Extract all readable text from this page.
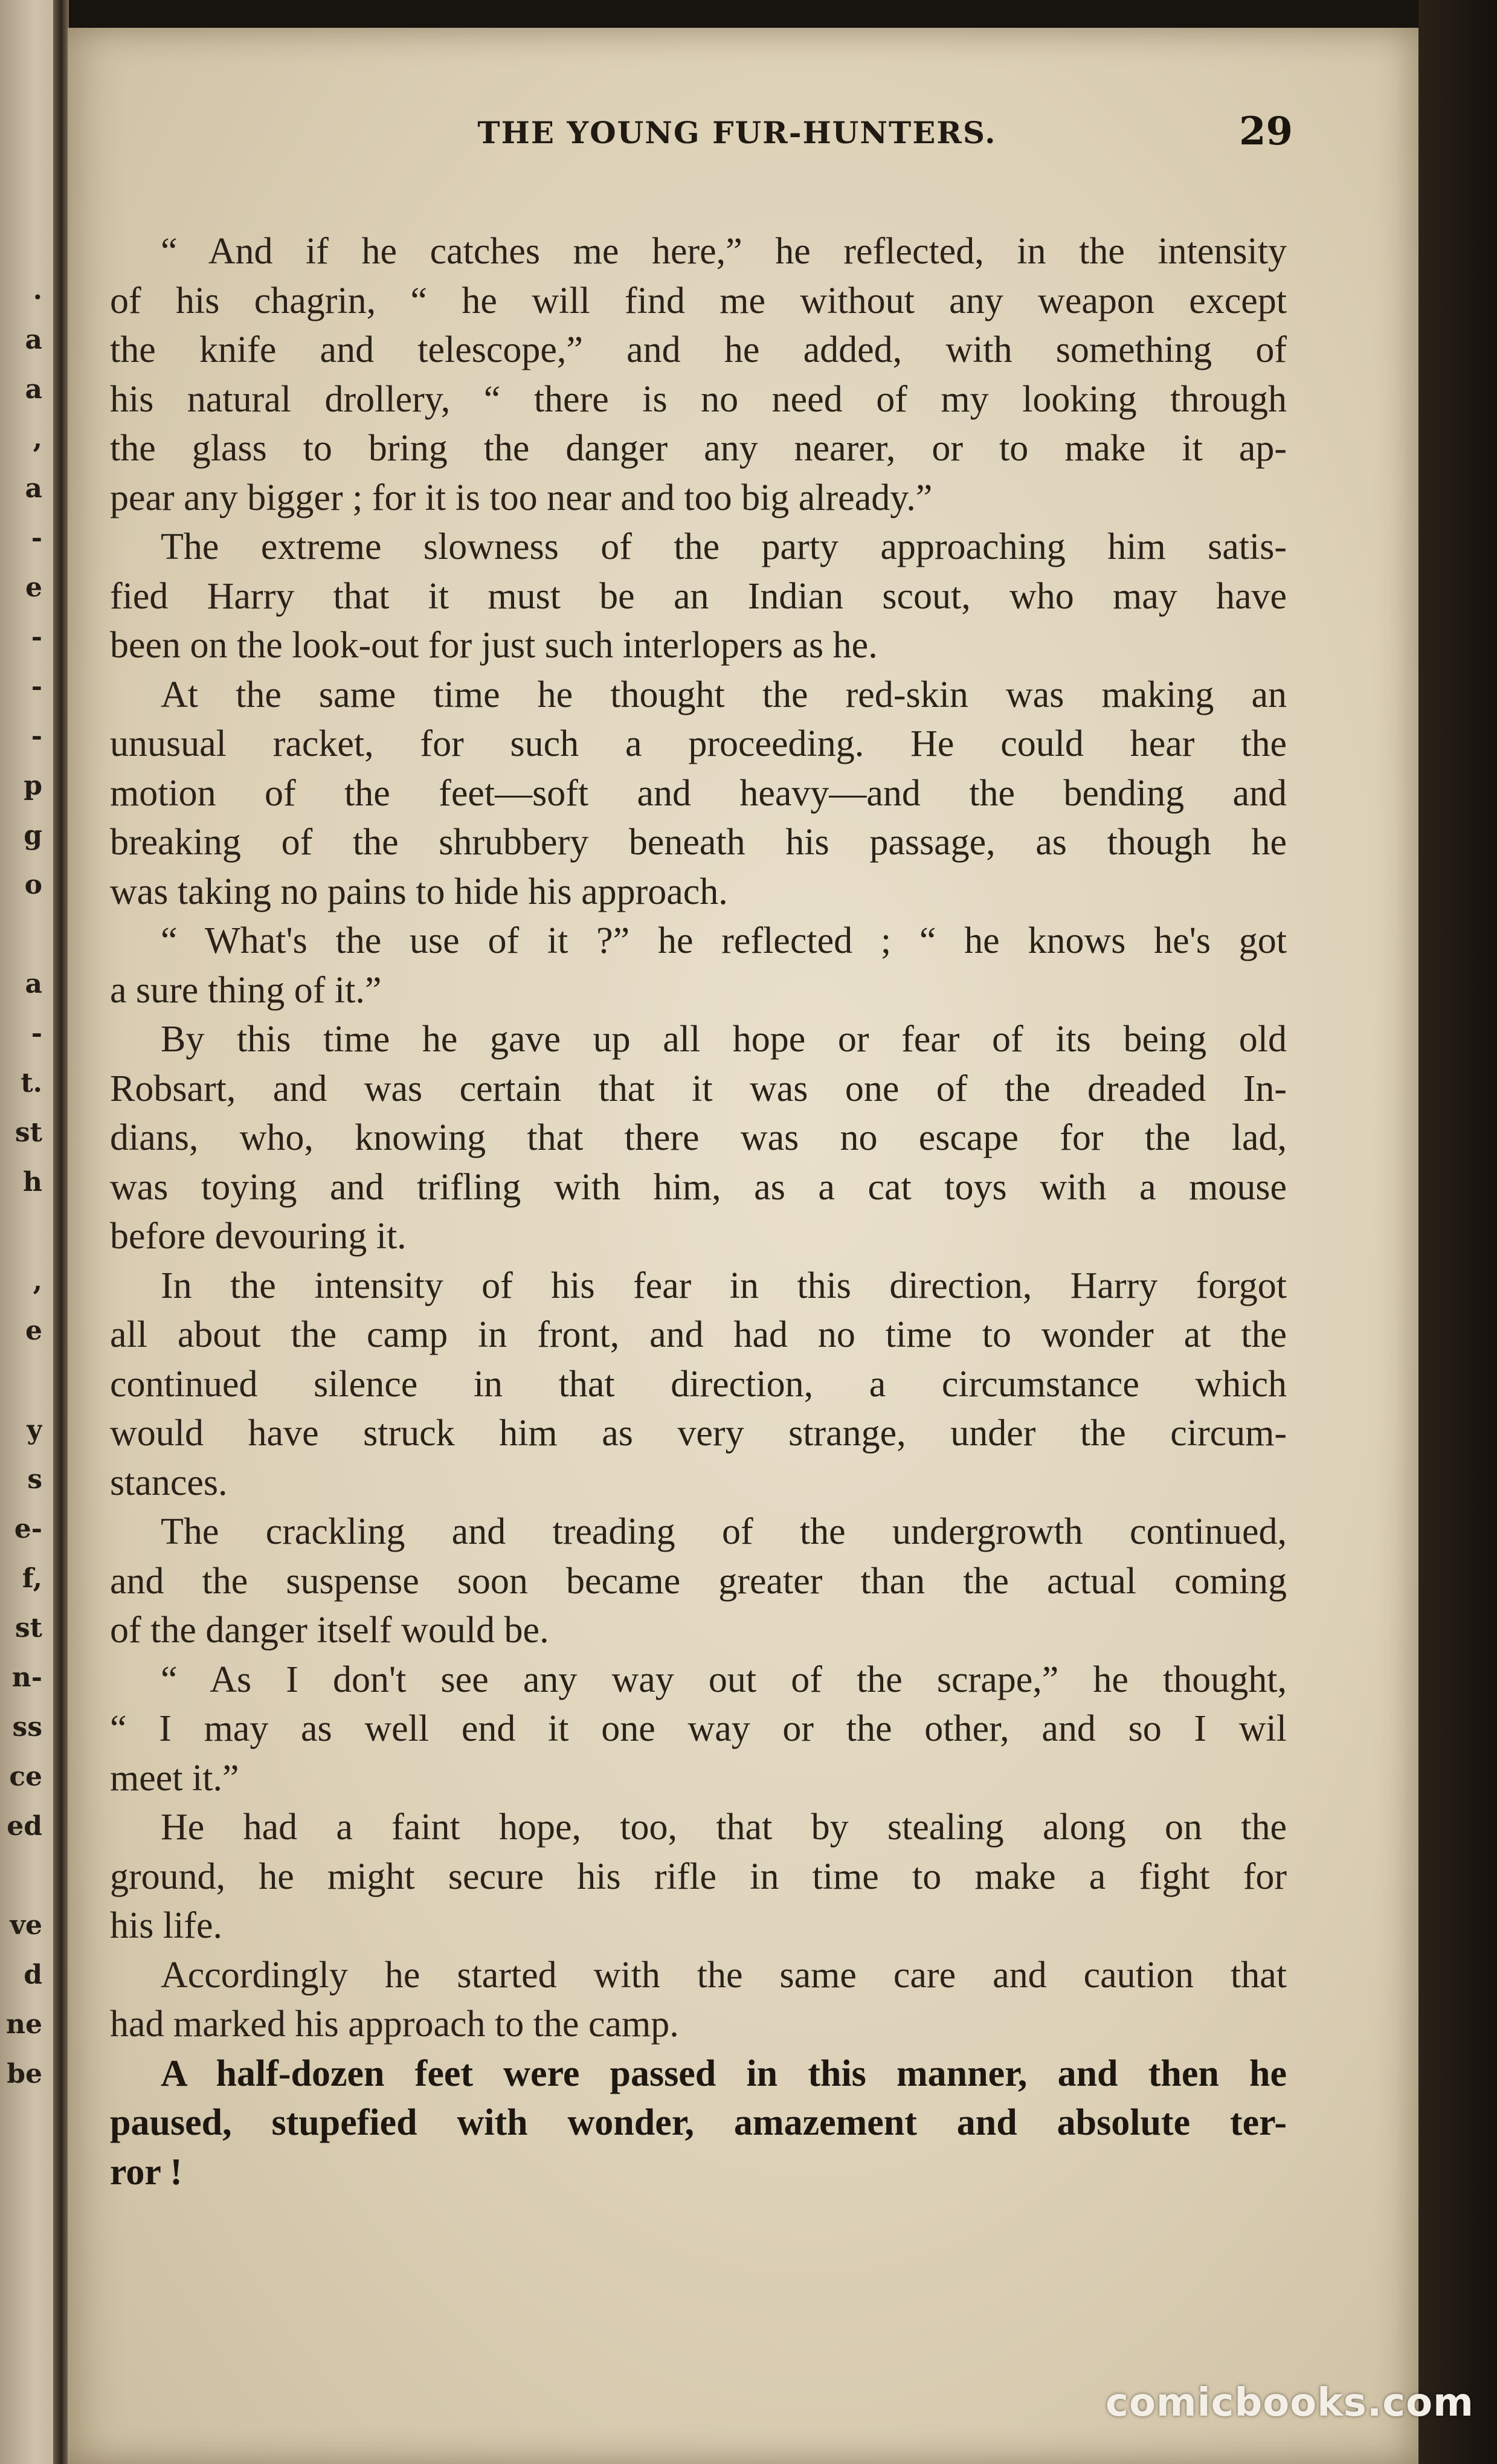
.
a
a
,
a
-
e
-
-
-
p
g
o
a
-
t.
st
h
,
e
y
s
e-
f,
st
n-
ss
ce
ed
ve
d
ne
be
THE YOUNG FUR-HUNTERS.	29
“ And if he catches me here,” he reflected, in the intensity
of his chagrin, “ he will find me without any weapon except
the knife and telescope,” and he added, with something of
his natural drollery, “ there is no need of my looking through
the glass to bring the danger any nearer, or to make it ap-
pear any bigger ; for it is too near and too big already.”
The extreme slowness of the party approaching him satis-
fied Harry that it must be an Indian scout, who may have
been on the look-out for just such interlopers as he.
At the same time he thought the red-skin was making an
unusual racket, for such a proceeding. He could hear the
motion of the feet—soft and heavy—and the bending and
breaking of the shrubbery beneath his passage, as though he
was taking no pains to hide his approach.
“ What's the use of it ?” he reflected ; “ he knows he's got
a sure thing of it.”
By this time he gave up all hope or fear of its being old
Robsart, and was certain that it was one of the dreaded In-
dians, who, knowing that there was no escape for the lad,
was toying and trifling with him, as a cat toys with a mouse
before devouring it.
In the intensity of his fear in this direction, Harry forgot
all about the camp in front, and had no time to wonder at the
continued silence in that direction, a circumstance which
would have struck him as very strange, under the circum-
stances.
The crackling and treading of the undergrowth continued,
and the suspense soon became greater than the actual coming
of the danger itself would be.
“ As I don't see any way out of the scrape,” he thought,
“ I may as well end it one way or the other, and so I wil
meet it.”
He had a faint hope, too, that by stealing along on the
ground, he might secure his rifle in time to make a fight for
his life.
Accordingly he started with the same care and caution that
had marked his approach to the camp.
A half-dozen feet were passed in this manner, and then he
paused, stupefied with wonder, amazement and absolute ter-
ror !
comicbooks.com
